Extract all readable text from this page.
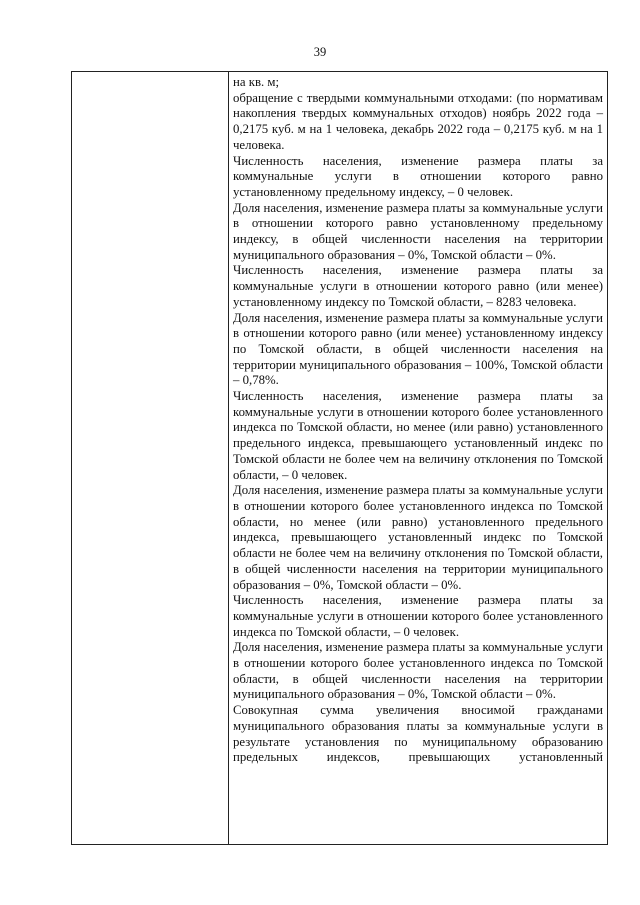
39

на кв. м;

обращение с твердыми коммунальными отходами: (по нормативам накопления твердых коммунальных отходов) ноябрь 2022 года – 0,2175 куб. м на 1 человека, декабрь 2022 года – 0,2175 куб. м на 1 человека.

Численность населения, изменение размера платы за коммунальные услуги в отношении которого равно установленному предельному индексу, – 0 человек.

Доля населения, изменение размера платы за коммунальные услуги в отношении которого равно установленному предельному индексу, в общей численности населения на территории муниципального образования – 0%, Томской области – 0%.

Численность населения, изменение размера платы за коммунальные услуги в отношении которого равно (или менее) установленному индексу по Томской области, – 8283 человека.

Доля населения, изменение размера платы за коммунальные услуги в отношении которого равно (или менее) установленному индексу по Томской области, в общей численности населения на территории муниципального образования – 100%, Томской области – 0,78%.

Численность населения, изменение размера платы за коммунальные услуги в отношении которого более установленного индекса по Томской области, но менее (или равно) установленного предельного индекса, превышающего установленный индекс по Томской области не более чем на величину отклонения по Томской области, – 0 человек.

Доля населения, изменение размера платы за коммунальные услуги в отношении которого более установленного индекса по Томской области, но менее (или равно) установленного предельного индекса, превышающего установленный индекс по Томской области не более чем на величину отклонения по Томской области, в общей численности населения на территории муниципального образования – 0%, Томской области – 0%.

Численность населения, изменение размера платы за коммунальные услуги в отношении которого более установленного индекса по Томской области, – 0 человек.

Доля населения, изменение размера платы за коммунальные услуги в отношении которого более установленного индекса по Томской области, в общей численности населения на территории муниципального образования – 0%, Томской области – 0%.

Совокупная сумма увеличения вносимой гражданами муниципального образования платы за коммунальные услуги в результате установления по муниципальному образованию предельных индексов, превышающих установленный
